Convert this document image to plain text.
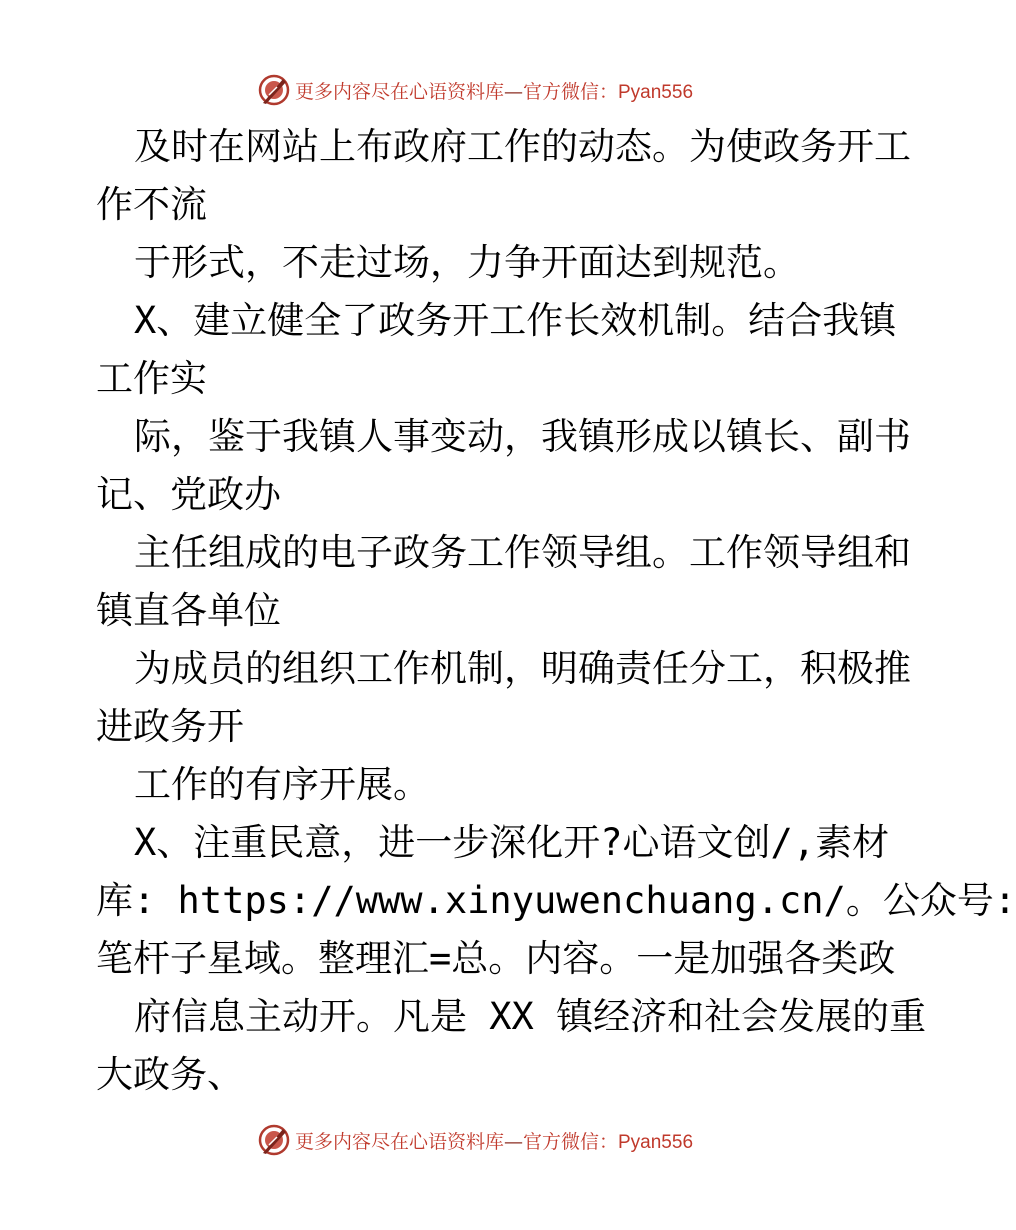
更多内容尽在心语资料库—官方微信：Pyan556
及时在网站上布政府工作的动态。为使政务开工
作不流
于形式，不走过场，力争开面达到规范。
X、建立健全了政务开工作长效机制。结合我镇
工作实
际，鉴于我镇人事变动，我镇形成以镇长、副书
记、党政办
主任组成的电子政务工作领导组。工作领导组和
镇直各单位
为成员的组织工作机制，明确责任分工，积极推
进政务开
工作的有序开展。
X、注重民意，进一步深化开?心语文创/,素材
库: https://www.xinyuwenchuang.cn/。公众号:
笔杆子星域。整理汇=总。内容。一是加强各类政
府信息主动开。凡是 XX 镇经济和社会发展的重
大政务、
更多内容尽在心语资料库—官方微信：Pyan556
